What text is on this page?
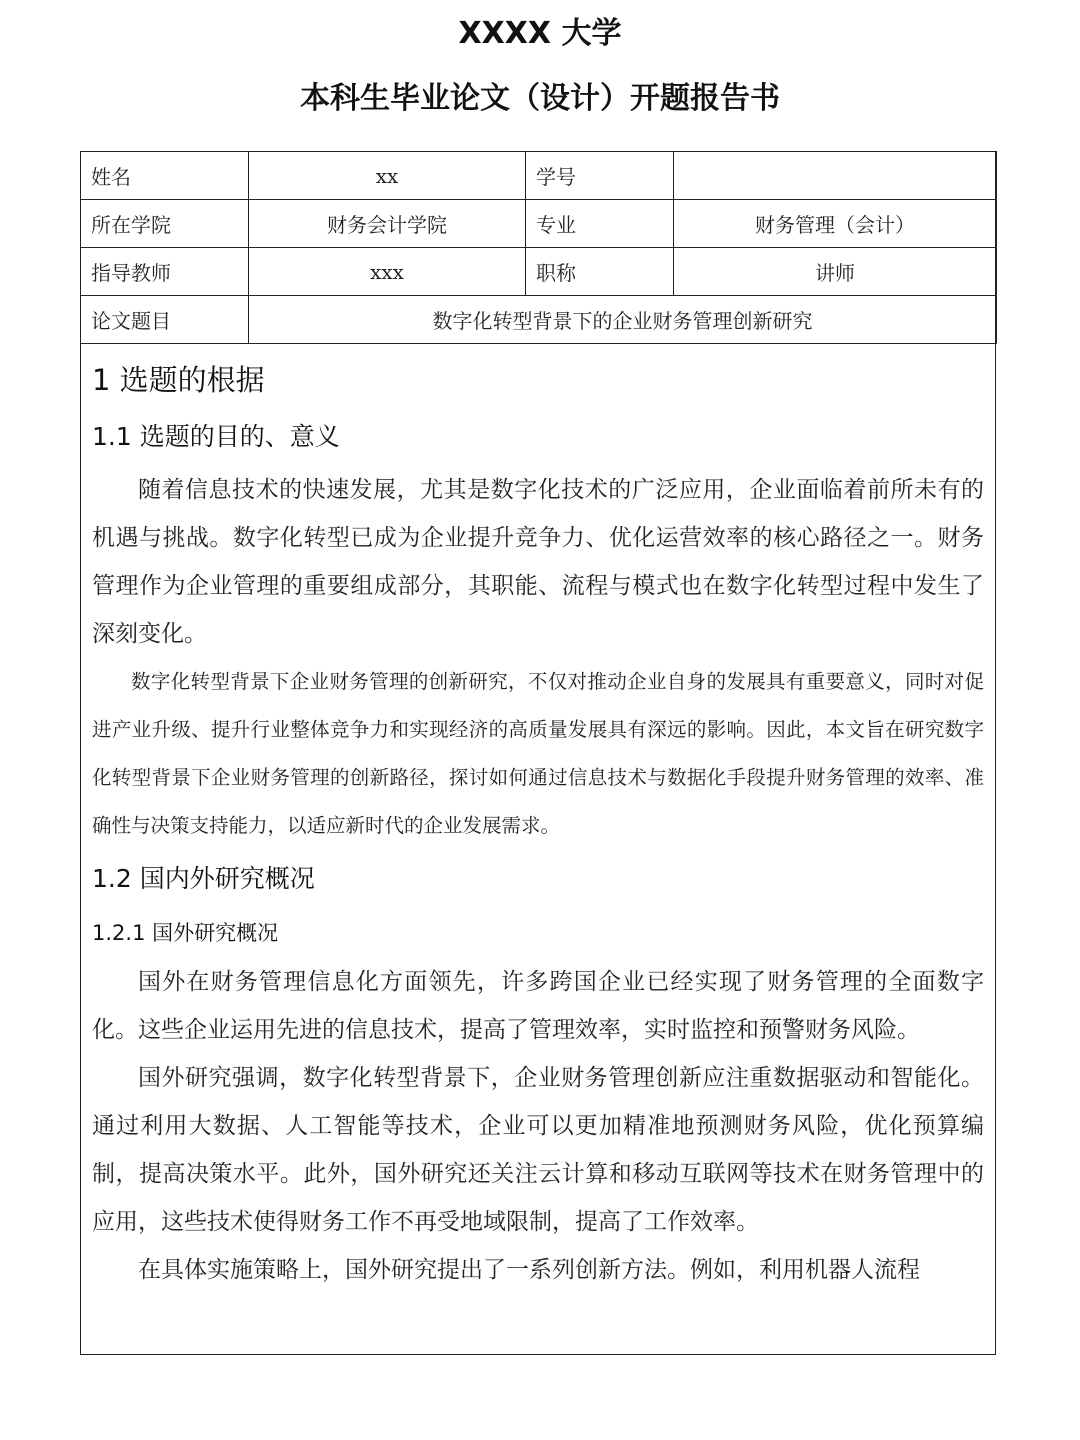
XXXX 大学
本科生毕业论文（设计）开题报告书
姓名	xx	学号	
所在学院	财务会计学院	专业	财务管理（会计）
指导教师	xxx	职称	讲师
论文题目	数字化转型背景下的企业财务管理创新研究		

1 选题的根据

1.1 选题的目的、意义

随着信息技术的快速发展，尤其是数字化技术的广泛应用，企业面临着前所未有的机遇与挑战。数字化转型已成为企业提升竞争力、优化运营效率的核心路径之一。财务管理作为企业管理的重要组成部分，其职能、流程与模式也在数字化转型过程中发生了深刻变化。

数字化转型背景下企业财务管理的创新研究，不仅对推动企业自身的发展具有重要意义，同时对促进产业升级、提升行业整体竞争力和实现经济的高质量发展具有深远的影响。因此，本文旨在研究数字化转型背景下企业财务管理的创新路径，探讨如何通过信息技术与数据化手段提升财务管理的效率、准确性与决策支持能力，以适应新时代的企业发展需求。

1.2 国内外研究概况

1.2.1 国外研究概况

国外在财务管理信息化方面领先，许多跨国企业已经实现了财务管理的全面数字化。这些企业运用先进的信息技术，提高了管理效率，实时监控和预警财务风险。

国外研究强调，数字化转型背景下，企业财务管理创新应注重数据驱动和智能化。通过利用大数据、人工智能等技术，企业可以更加精准地预测财务风险，优化预算编制，提高决策水平。此外，国外研究还关注云计算和移动互联网等技术在财务管理中的应用，这些技术使得财务工作不再受地域限制，提高了工作效率。

在具体实施策略上，国外研究提出了一系列创新方法。例如，利用机器人流程
